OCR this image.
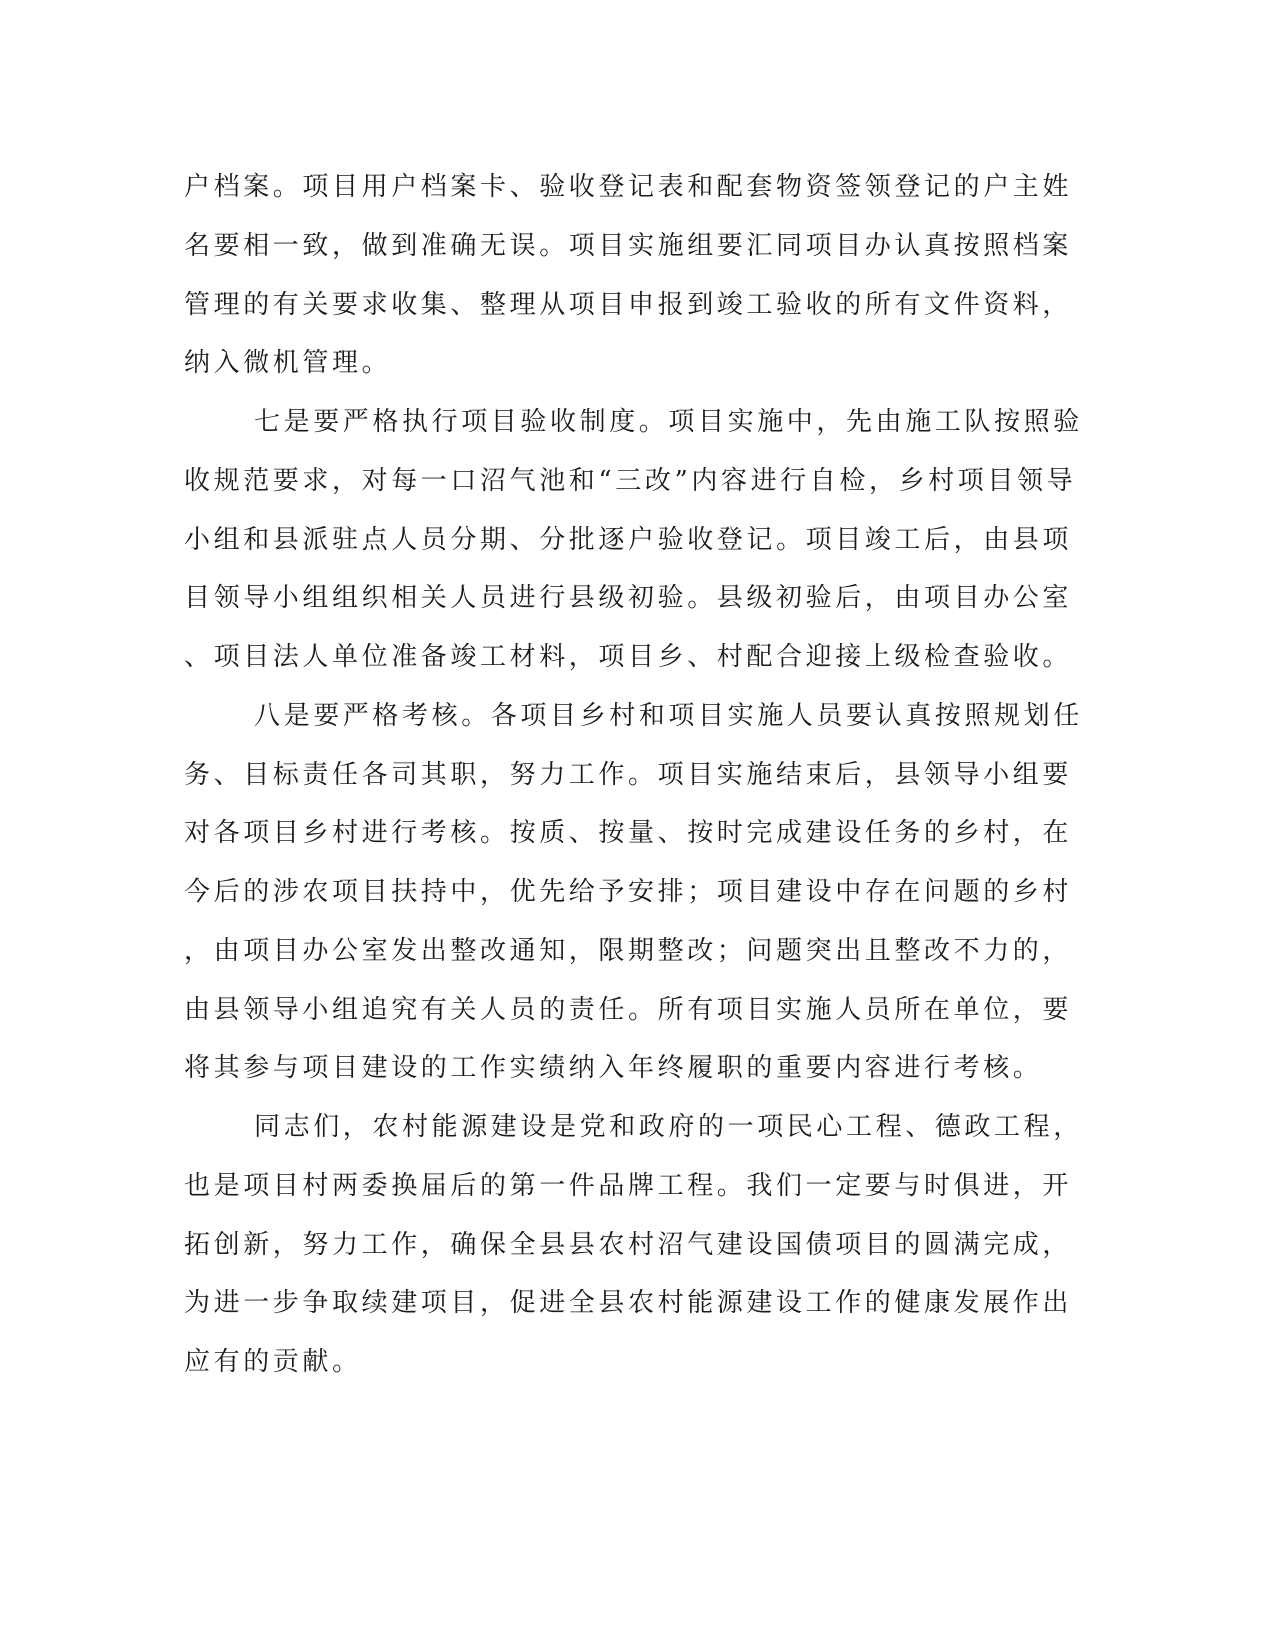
户档案。项目用户档案卡、验收登记表和配套物资签领登记的户主姓
名要相一致，做到准确无误。项目实施组要汇同项目办认真按照档案
管理的有关要求收集、整理从项目申报到竣工验收的所有文件资料，
纳入微机管理。
七是要严格执行项目验收制度。项目实施中，先由施工队按照验
收规范要求，对每一口沼气池和“三改”内容进行自检，乡村项目领导
小组和县派驻点人员分期、分批逐户验收登记。项目竣工后，由县项
目领导小组组织相关人员进行县级初验。县级初验后，由项目办公室
、项目法人单位准备竣工材料，项目乡、村配合迎接上级检查验收。
八是要严格考核。各项目乡村和项目实施人员要认真按照规划任
务、目标责任各司其职，努力工作。项目实施结束后，县领导小组要
对各项目乡村进行考核。按质、按量、按时完成建设任务的乡村，在
今后的涉农项目扶持中，优先给予安排；项目建设中存在问题的乡村
，由项目办公室发出整改通知，限期整改；问题突出且整改不力的，
由县领导小组追究有关人员的责任。所有项目实施人员所在单位，要
将其参与项目建设的工作实绩纳入年终履职的重要内容进行考核。
同志们，农村能源建设是党和政府的一项民心工程、德政工程，
也是项目村两委换届后的第一件品牌工程。我们一定要与时俱进，开
拓创新，努力工作，确保全县县农村沼气建设国债项目的圆满完成，
为进一步争取续建项目，促进全县农村能源建设工作的健康发展作出
应有的贡献。
